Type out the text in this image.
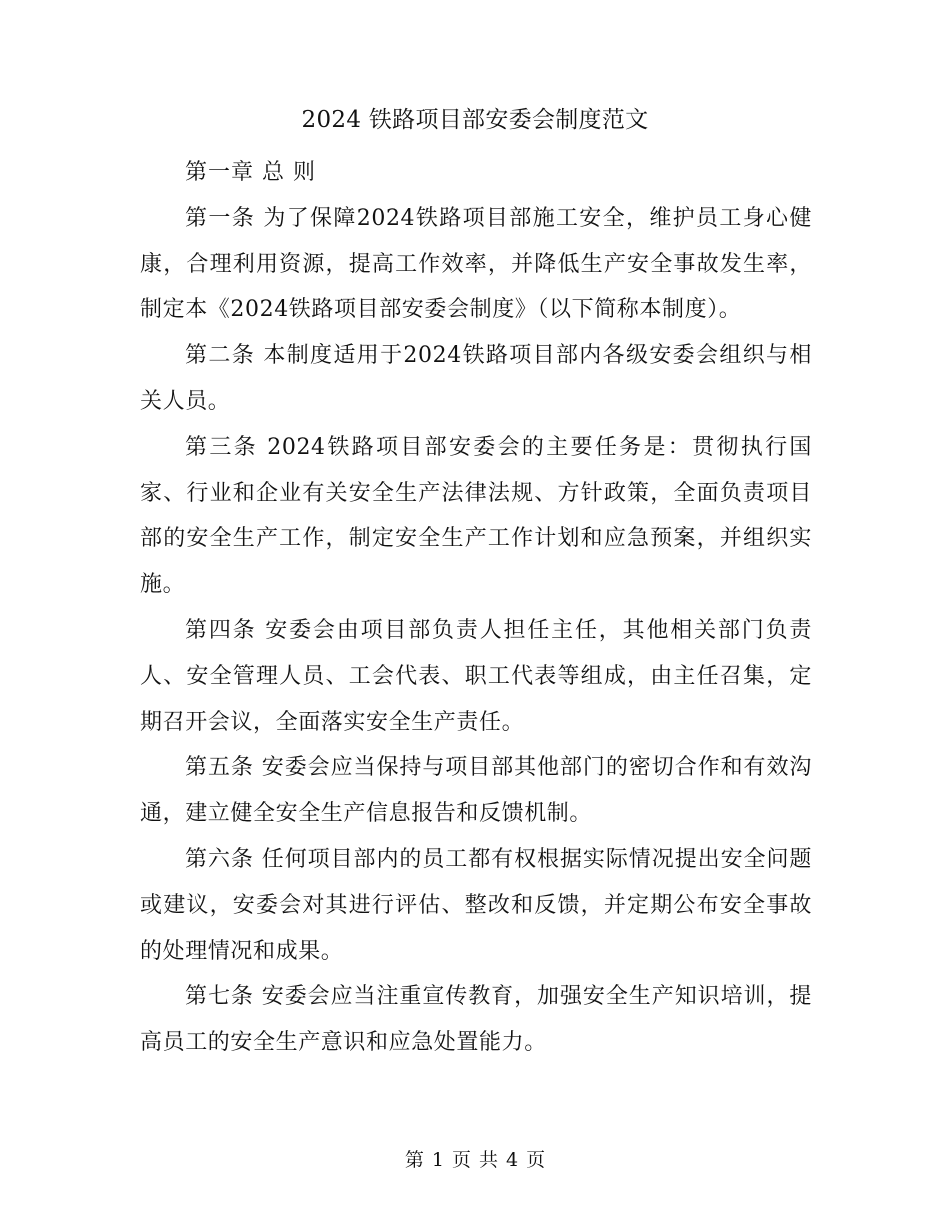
2024 铁路项目部安委会制度范文

第一章 总 则

第一条 为了保障2024铁路项目部施工安全，维护员工身心健康，合理利用资源，提高工作效率，并降低生产安全事故发生率，制定本《2024铁路项目部安委会制度》（以下简称本制度）。

第二条 本制度适用于2024铁路项目部内各级安委会组织与相关人员。

第三条 2024铁路项目部安委会的主要任务是：贯彻执行国家、行业和企业有关安全生产法律法规、方针政策，全面负责项目部的安全生产工作，制定安全生产工作计划和应急预案，并组织实施。

第四条 安委会由项目部负责人担任主任，其他相关部门负责人、安全管理人员、工会代表、职工代表等组成，由主任召集，定期召开会议，全面落实安全生产责任。

第五条 安委会应当保持与项目部其他部门的密切合作和有效沟通，建立健全安全生产信息报告和反馈机制。

第六条 任何项目部内的员工都有权根据实际情况提出安全问题或建议，安委会对其进行评估、整改和反馈，并定期公布安全事故的处理情况和成果。

第七条 安委会应当注重宣传教育，加强安全生产知识培训，提高员工的安全生产意识和应急处置能力。

第 1 页 共 4 页
